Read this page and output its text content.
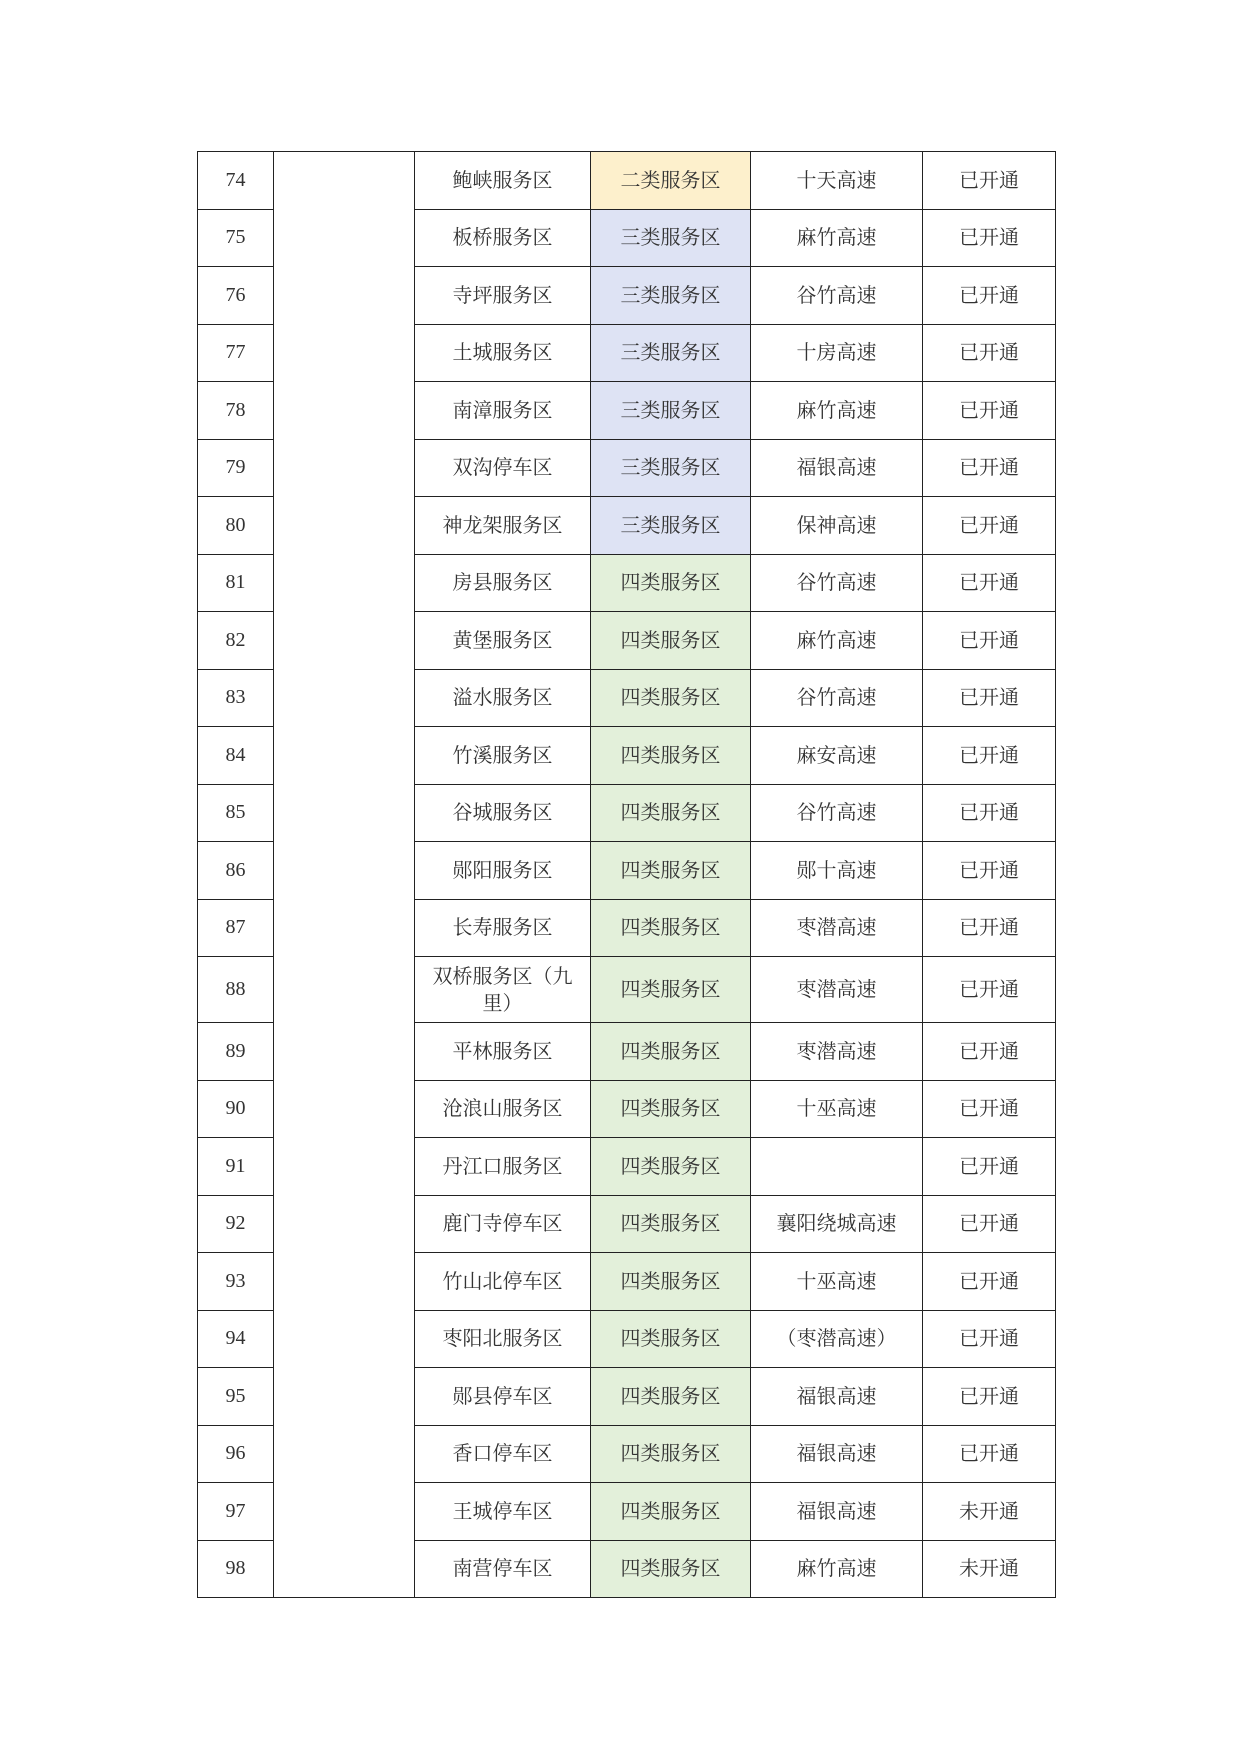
74		鲍峡服务区	二类服务区	十天高速	已开通
75		板桥服务区	三类服务区	麻竹高速	已开通
76		寺坪服务区	三类服务区	谷竹高速	已开通
77		土城服务区	三类服务区	十房高速	已开通
78		南漳服务区	三类服务区	麻竹高速	已开通
79		双沟停车区	三类服务区	福银高速	已开通
80		神龙架服务区	三类服务区	保神高速	已开通
81		房县服务区	四类服务区	谷竹高速	已开通
82		黄堡服务区	四类服务区	麻竹高速	已开通
83		溢水服务区	四类服务区	谷竹高速	已开通
84		竹溪服务区	四类服务区	麻安高速	已开通
85		谷城服务区	四类服务区	谷竹高速	已开通
86		郧阳服务区	四类服务区	郧十高速	已开通
87		长寿服务区	四类服务区	枣潜高速	已开通
88		双桥服务区（九里）	四类服务区	枣潜高速	已开通
89		平林服务区	四类服务区	枣潜高速	已开通
90		沧浪山服务区	四类服务区	十巫高速	已开通
91		丹江口服务区	四类服务区		已开通
92		鹿门寺停车区	四类服务区	襄阳绕城高速	已开通
93		竹山北停车区	四类服务区	十巫高速	已开通
94		枣阳北服务区	四类服务区	（枣潜高速）	已开通
95		郧县停车区	四类服务区	福银高速	已开通
96		香口停车区	四类服务区	福银高速	已开通
97		王城停车区	四类服务区	福银高速	未开通
98		南营停车区	四类服务区	麻竹高速	未开通
